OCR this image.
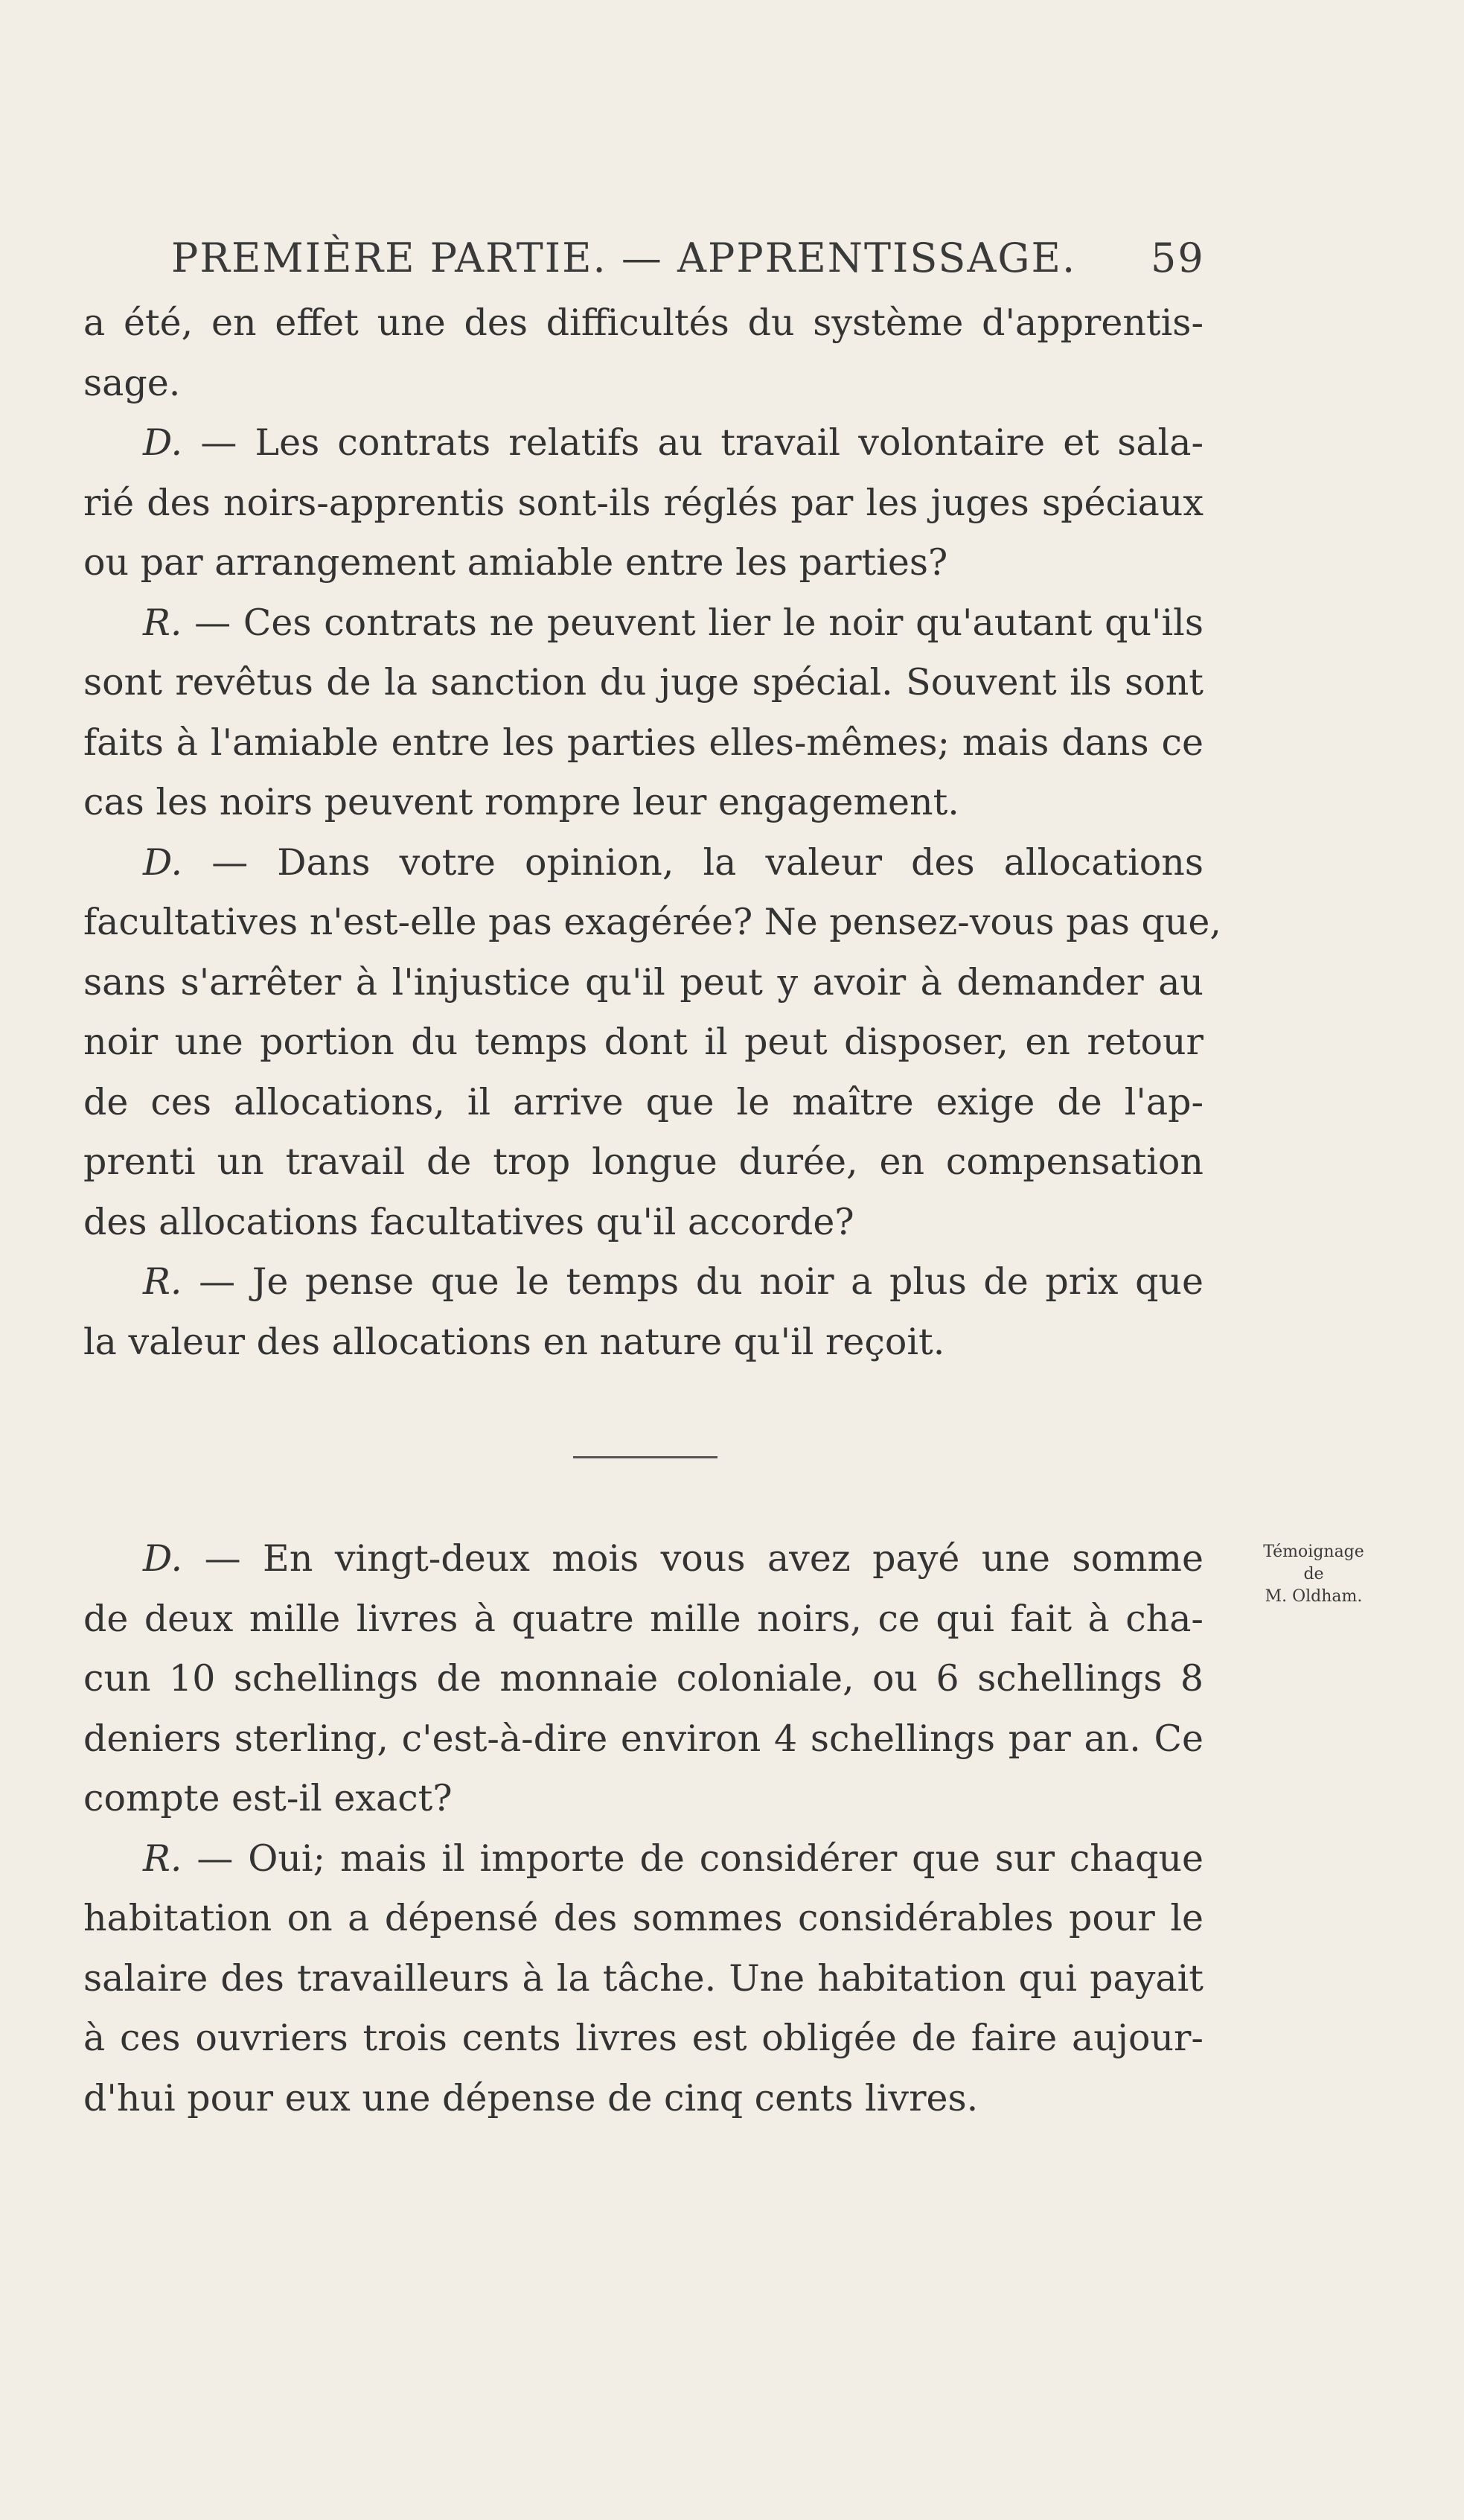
PREMIÈRE PARTIE. — APPRENTISSAGE. 59
a été, en effet une des difficultés du système d'apprentis-
sage.
D. — Les contrats relatifs au travail volontaire et sala-
rié des noirs-apprentis sont-ils réglés par les juges spéciaux
ou par arrangement amiable entre les parties?
R. — Ces contrats ne peuvent lier le noir qu'autant qu'ils
sont revêtus de la sanction du juge spécial. Souvent ils sont
faits à l'amiable entre les parties elles-mêmes; mais dans ce
cas les noirs peuvent rompre leur engagement.
D. — Dans votre opinion, la valeur des allocations
facultatives n'est-elle pas exagérée? Ne pensez-vous pas que,
sans s'arrêter à l'injustice qu'il peut y avoir à demander au
noir une portion du temps dont il peut disposer, en retour
de ces allocations, il arrive que le maître exige de l'ap-
prenti un travail de trop longue durée, en compensation
des allocations facultatives qu'il accorde?
R. — Je pense que le temps du noir a plus de prix que
la valeur des allocations en nature qu'il reçoit.
D. — En vingt-deux mois vous avez payé une somme
de deux mille livres à quatre mille noirs, ce qui fait à cha-
cun 10 schellings de monnaie coloniale, ou 6 schellings 8
deniers sterling, c'est-à-dire environ 4 schellings par an. Ce
compte est-il exact?
R. — Oui; mais il importe de considérer que sur chaque
habitation on a dépensé des sommes considérables pour le
salaire des travailleurs à la tâche. Une habitation qui payait
à ces ouvriers trois cents livres est obligée de faire aujour-
d'hui pour eux une dépense de cinq cents livres.
Témoignage
de
M. Oldham.
